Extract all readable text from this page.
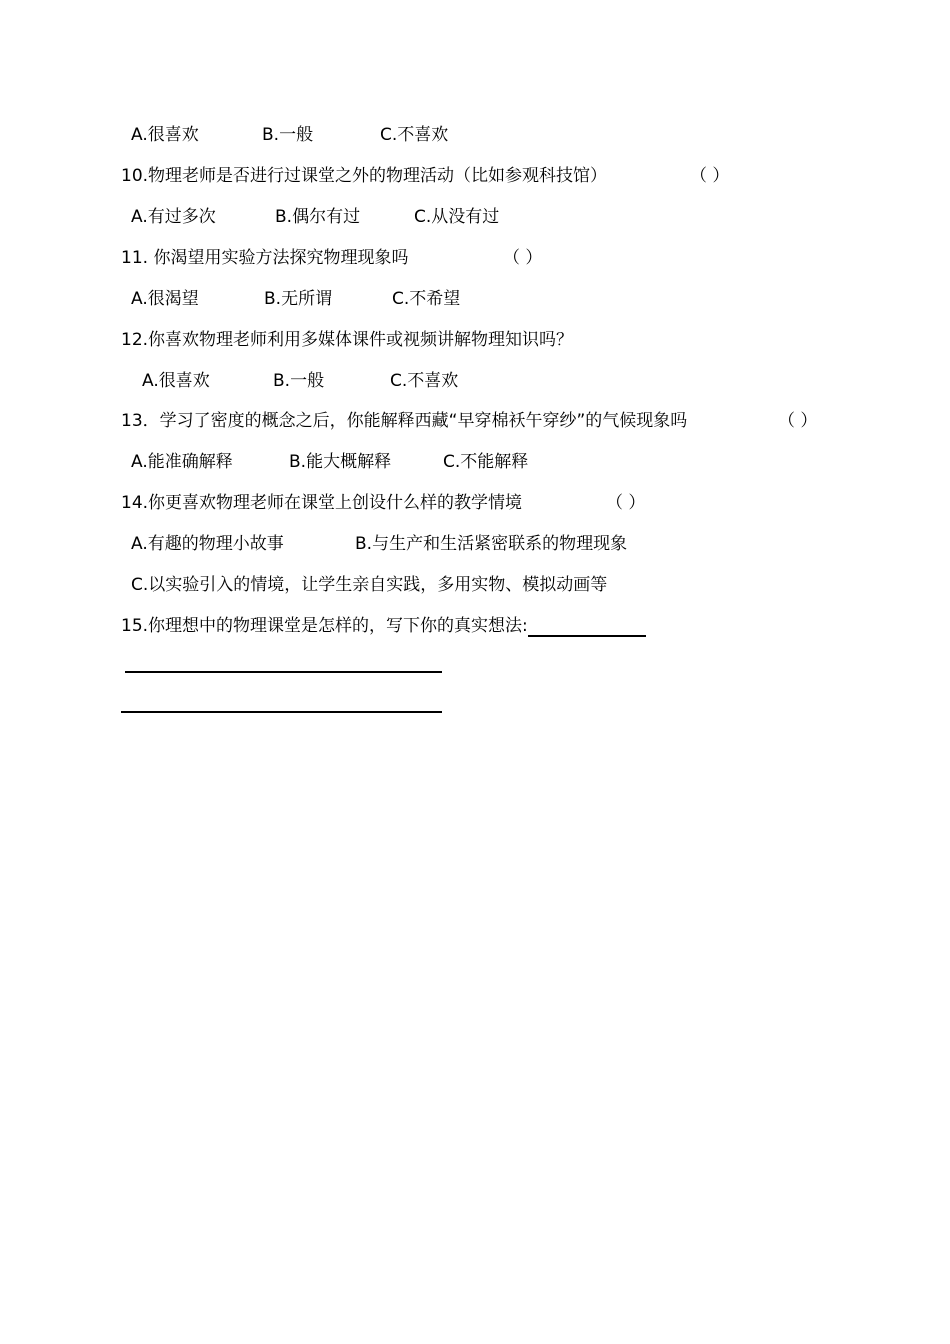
A.很喜欢	B.一般	C.不喜欢
10.物理老师是否进行过课堂之外的物理活动（比如参观科技馆）	（ ）
A.有过多次	B.偶尔有过	C.从没有过
11. 你渴望用实验方法探究物理现象吗	（ ）
A.很渴望	B.无所谓	C.不希望
12.你喜欢物理老师利用多媒体课件或视频讲解物理知识吗？
A.很喜欢	B.一般	C.不喜欢
13．学习了密度的概念之后，你能解释西藏“早穿棉袄午穿纱”的气候现象吗	（ ）
A.能准确解释	B.能大概解释	C.不能解释
14.你更喜欢物理老师在课堂上创设什么样的教学情境	（ ）
A.有趣的物理小故事	B.与生产和生活紧密联系的物理现象
C.以实验引入的情境，让学生亲自实践，多用实物、模拟动画等
15.你理想中的物理课堂是怎样的，写下你的真实想法:
